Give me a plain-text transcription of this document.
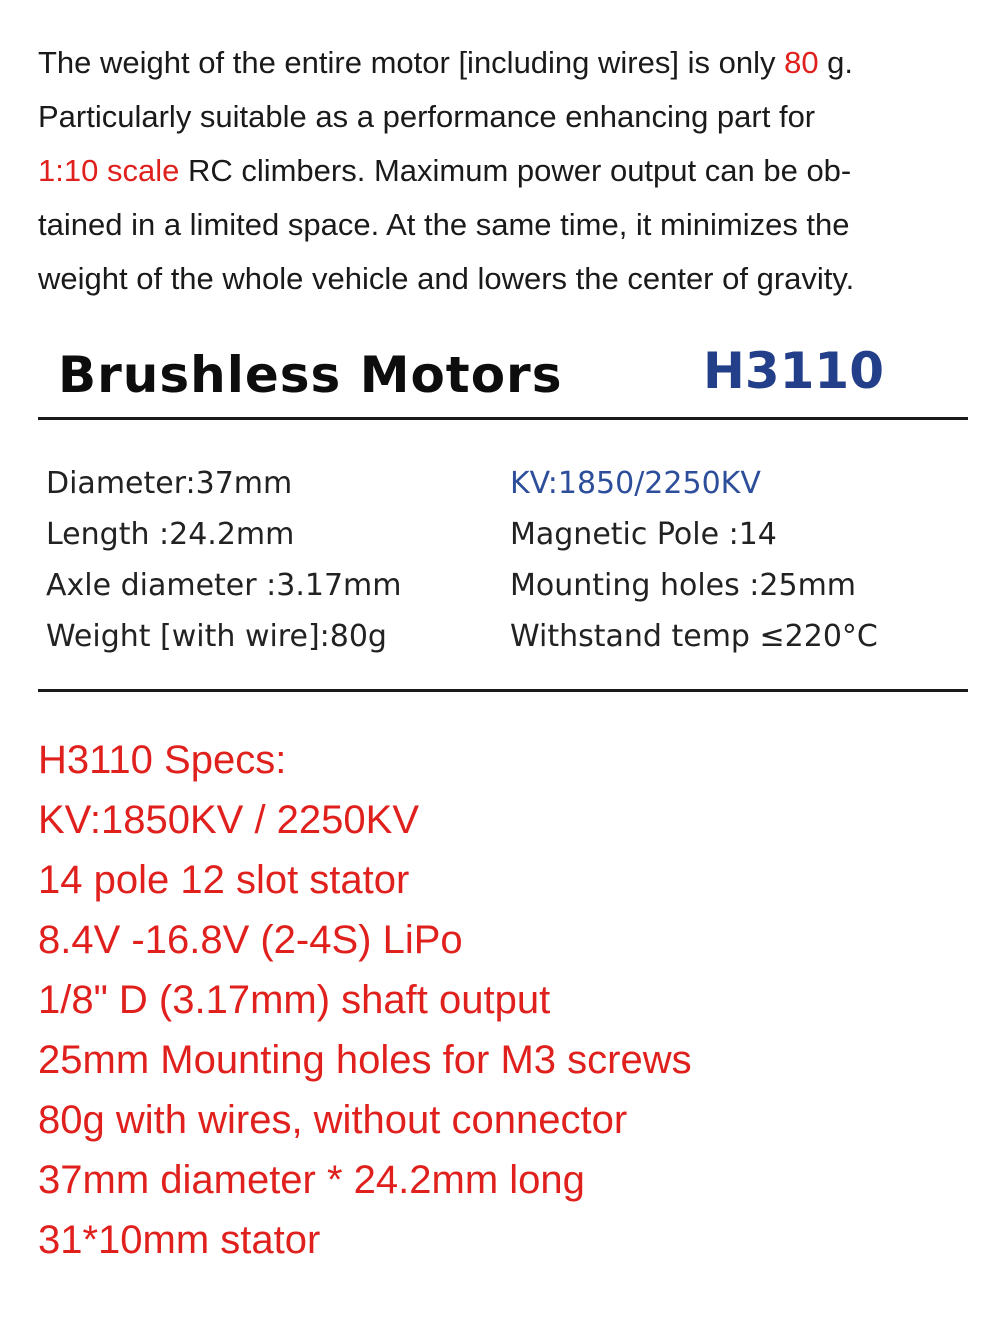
The weight of the entire motor [including wires] is only 80 g.
Particularly suitable as a performance enhancing part for
1:10 scale RC climbers. Maximum power output can be ob-
tained in a limited space. At the same time, it minimizes the
weight of the whole vehicle and lowers the center of gravity.
Brushless Motors	H3110
Diameter:37mm
Length :24.2mm
Axle diameter :3.17mm
Weight [with wire]:80g
KV:1850/2250KV
Magnetic Pole :14
Mounting holes :25mm
Withstand temp ≤220°C
H3110 Specs:
KV:1850KV / 2250KV
14 pole 12 slot stator
8.4V -16.8V (2-4S) LiPo
1/8" D (3.17mm) shaft output
25mm Mounting holes for M3 screws
80g with wires, without connector
37mm diameter * 24.2mm long
31*10mm stator
